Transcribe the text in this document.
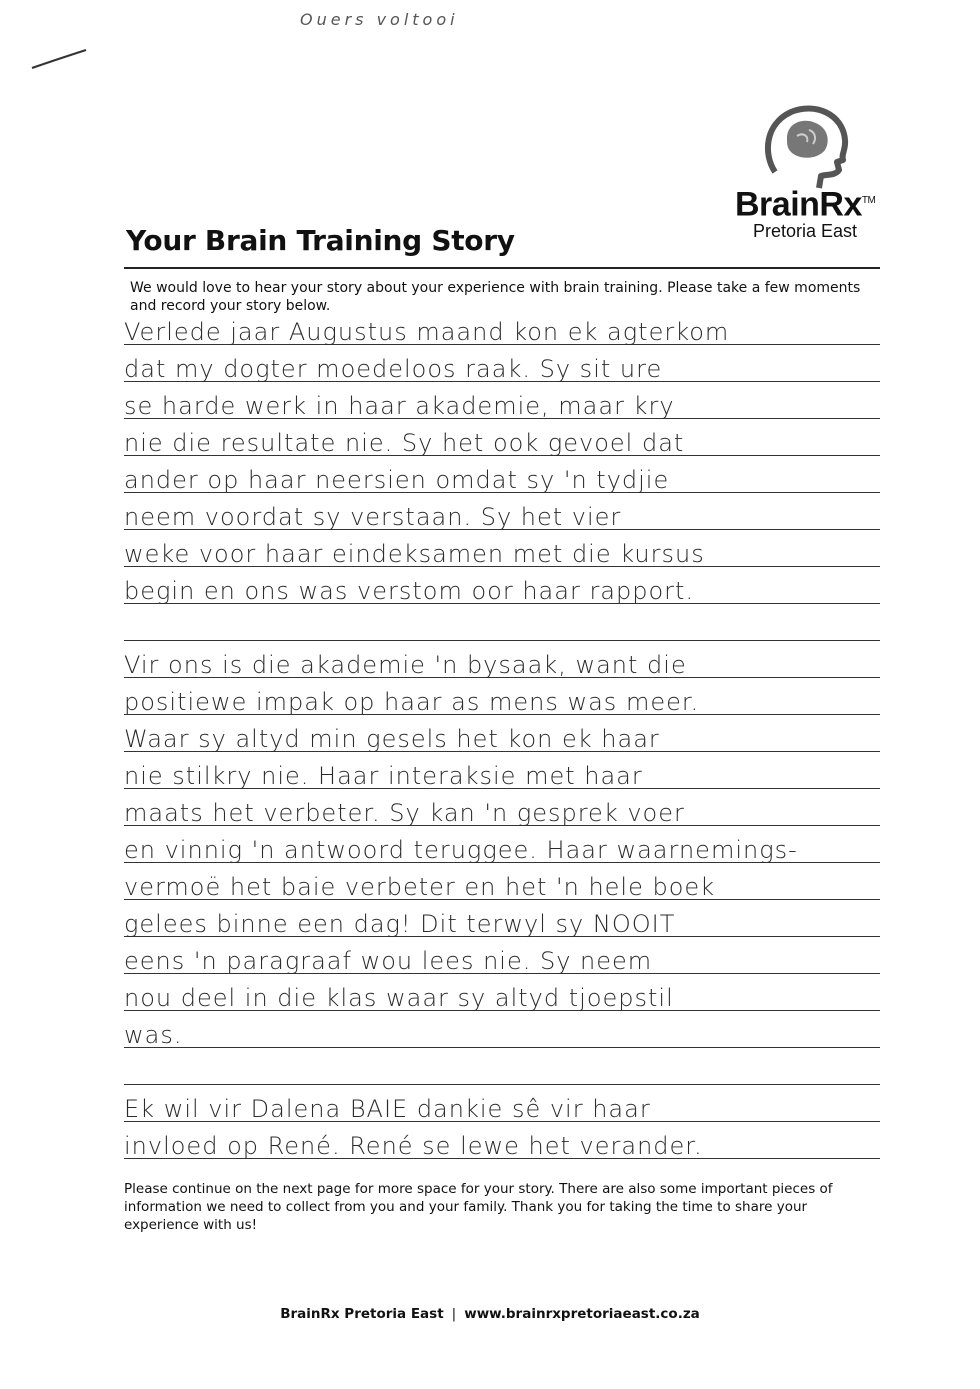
Ouers voltooi
BrainRx™
Pretoria East
Your Brain Training Story
We would love to hear your story about your experience with brain training. Please take a few moments and record your story below.
Verlede jaar Augustus maand kon ek agterkom
dat my dogter moedeloos raak. Sy sit ure
se harde werk in haar akademie, maar kry
nie die resultate nie. Sy het ook gevoel dat
ander op haar neersien omdat sy 'n tydjie
neem voordat sy verstaan. Sy het vier
weke voor haar eindeksamen met die kursus
begin en ons was verstom oor haar rapport.
Vir ons is die akademie 'n bysaak, want die
positiewe impak op haar as mens was meer.
Waar sy altyd min gesels het kon ek haar
nie stilkry nie. Haar interaksie met haar
maats het verbeter. Sy kan 'n gesprek voer
en vinnig 'n antwoord teruggee. Haar waarnemings-
vermoë het baie verbeter en het 'n hele boek
gelees binne een dag! Dit terwyl sy NOOIT
eens 'n paragraaf wou lees nie. Sy neem
nou deel in die klas waar sy altyd tjoepstil
was.
Ek wil vir Dalena BAIE dankie sê vir haar
invloed op René. René se lewe het verander.
Please continue on the next page for more space for your story. There are also some important pieces of information we need to collect from you and your family. Thank you for taking the time to share your experience with us!
BrainRx Pretoria East | www.brainrxpretoriaeast.co.za
